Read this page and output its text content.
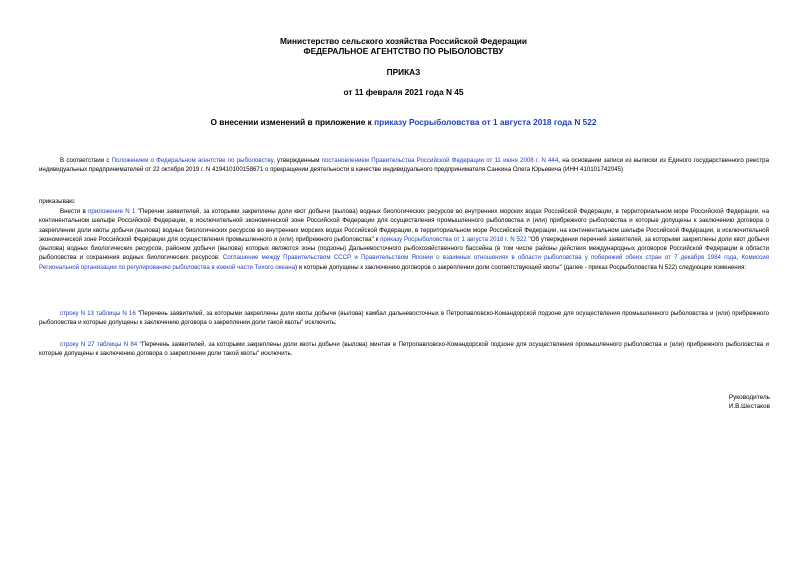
Министерство сельского хозяйства Российской Федерации
ФЕДЕРАЛЬНОЕ АГЕНТСТВО ПО РЫБОЛОВСТВУ
ПРИКАЗ
от 11 февраля 2021 года N 45
О внесении изменений в приложение к приказу Росрыболовства от 1 августа 2018 года N 522
В соответствии с Положением о Федеральном агентстве по рыболовству, утвержденным постановлением Правительства Российской Федерации от 11 июня 2008 г. N 444, на основании записи из выписки из Единого государственного реестра индивидуальных предпринимателей от 22 октября 2019 г. N 419410100158671 о прекращении деятельности в качестве индивидуального предпринимателя Санкина Олега Юрьевича (ИНН 410101742045)
приказываю:
Внести в приложение N 1 "Перечни заявителей, за которыми закреплены доли квот добычи (вылова) водных биологических ресурсов во внутренних морских водах Российской Федерации, в территориальном море Российской Федерации, на континентальном шельфе Российской Федерации, в исключительной экономической зоне Российской Федерации для осуществления промышленного рыболовства и (или) прибрежного рыболовства и которые допущены к заключению договора о закреплении доли квоты добычи (вылова) водных биологических ресурсов во внутренних морских водах Российской Федерации, в территориальном море Российской Федерации, на континентальном шельфе Российской Федерации, в исключительной экономической зоне Российской Федерации для осуществления промышленного и (или) прибрежного рыболовства" к приказу Росрыболовства от 1 августа 2018 г. N 522 "Об утверждении перечней заявителей, за которыми закреплены доли квот добычи (вылова) водных биологических ресурсов, районом добычи (вылова) которых являются зоны (подзоны) Дальневосточного рыбохозяйственного бассейна (в том числе районы действия международных договоров Российской Федерации в области рыболовства и сохранения водных биологических ресурсов: Соглашение между Правительством СССР и Правительством Японии о взаимных отношениях в области рыболовства у побережий обеих стран от 7 декабря 1984 года, Комиссия Региональной организации по регулированию рыболовства в южной части Тихого океана) и которые допущены к заключению договоров о закреплении доли соответствующей квоты" (далее - приказ Росрыболовства N 522) следующие изменения:
строку N 13 таблицы N 16 "Перечень заявителей, за которыми закреплены доли квоты добычи (вылова) камбал дальневосточных в Петропавловско-Командорской подзоне для осуществления промышленного рыболовства и (или) прибрежного рыболовства и которые допущены к заключению договора о закреплении доли такой квоты" исключить;
строку N 27 таблицы N 84 "Перечень заявителей, за которыми закреплены доли квоты добычи (вылова) минтая в Петропавловско-Командорской подзоне для осуществления промышленного рыболовства и (или) прибрежного рыболовства и которые допущены к заключению договора о закреплении доли такой квоты" исключить.
Руководитель
И.В.Шестаков
